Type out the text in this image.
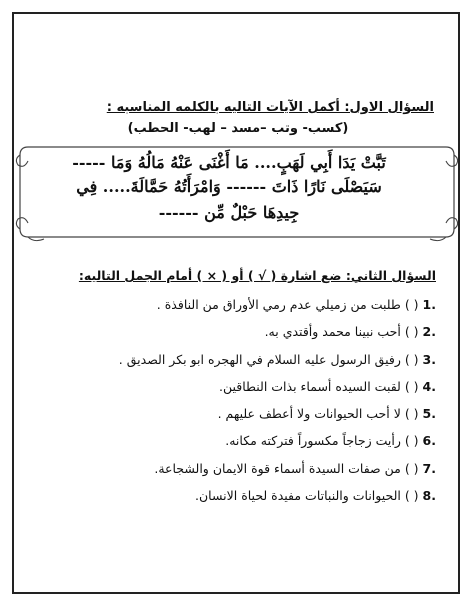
السؤال الاول: أكمل الآيات التاليه بالكلمه المناسبه :
(كسب- وتب –مسد – لهب- الحطب)
تَبَّتْ يَدَا أَبِي لَهَبٍ.... مَا أَغْنَى عَنْهُ مَالُهُ وَمَا -----
سَيَصْلَى نَارًا ذَاتَ ------ وَامْرَأَتُهُ حَمَّالَةَ..... فِي
جِيدِهَا حَبْلٌ مِّن ------
السؤال الثاني: ضع اشارة ( √ ) أو ( × ) أمام الجمل التاليه:
.1 ( ) طلبت من زميلي عدم رمي الأوراق من النافذة .
.2 ( ) أحب نبينا محمد وأقتدي به.
.3 ( ) رفيق الرسول عليه السلام في الهجره ابو بكر الصديق .
.4 ( ) لقبت السيده أسماء بذات النطاقين.
.5 ( ) لا أحب الحيوانات ولا أعطف عليهم .
.6 ( ) رأيت زجاجاً مكسوراً فتركته مكانه.
.7 ( ) من صفات السيدة أسماء قوة الايمان والشجاعة.
.8 ( ) الحيوانات والنباتات مفيدة لحياة الانسان.
